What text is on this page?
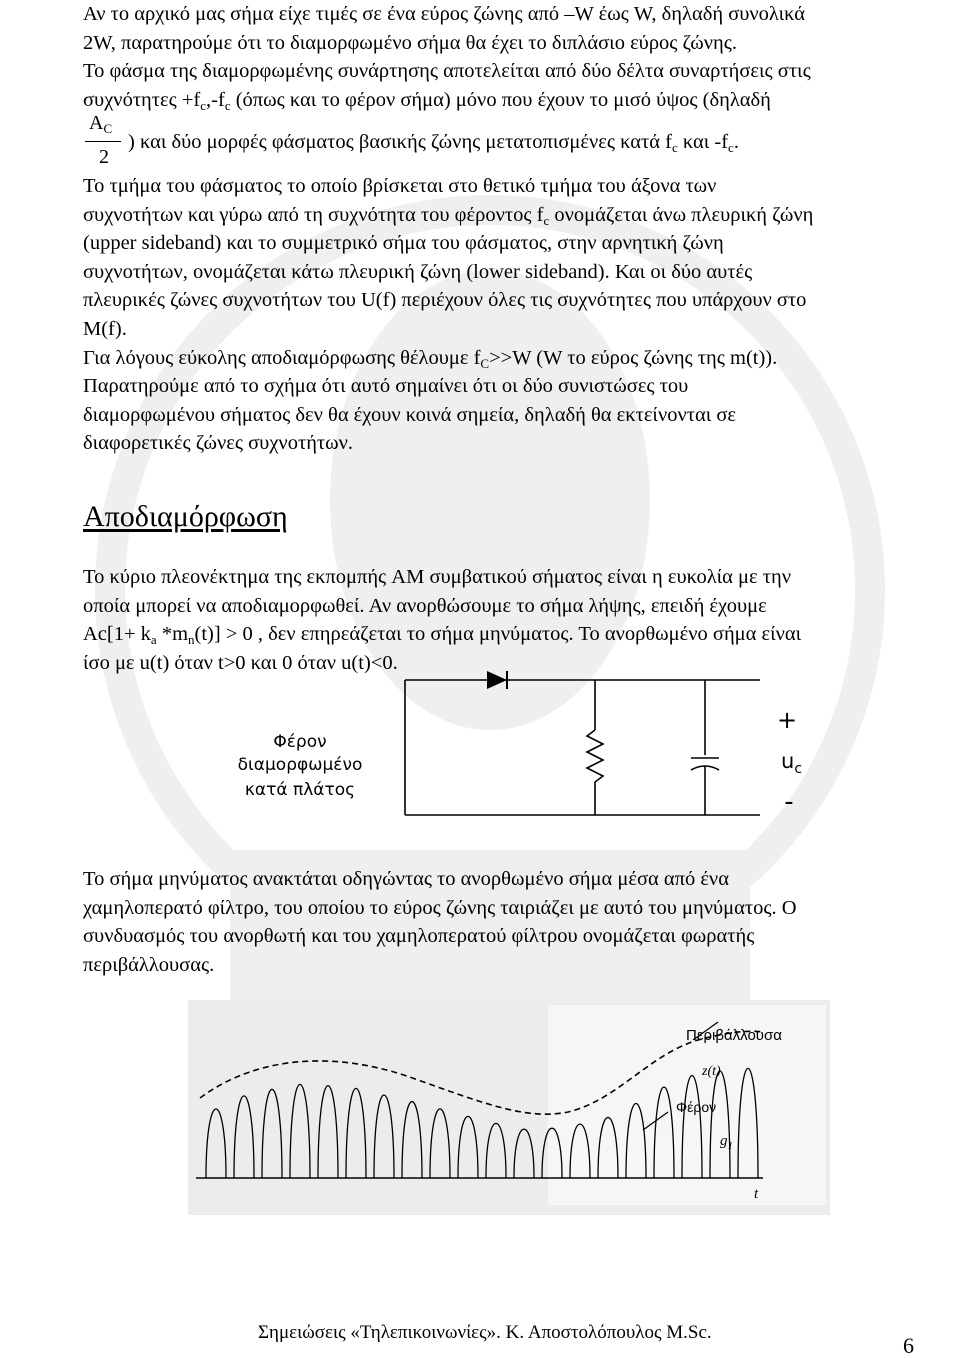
Αν το αρχικό μας σήμα είχε τιμές σε ένα εύρος ζώνης από –W έως W, δηλαδή συνολικά
2W, παρατηρούμε ότι το διαμορφωμένο σήμα θα έχει το διπλάσιο εύρος ζώνης.
Το φάσμα της διαμορφωμένης συνάρτησης αποτελείται από δύο δέλτα συναρτήσεις στις
$\sigma\upsilon\chi\nu ό\tau\eta\tau\varepsilon\varsigma +f_c,-f_c$ (όπως και το φέρον σήμα) μόνο που έχουν το μισό ύψος (δηλαδή
$A_C$
2
) και δύο μορφές φάσματος βασικής ζώνης μετατοπισμένες κατά $f_c$ και $-f_c$.
Το τμήμα του φάσματος το οποίο βρίσκεται στο θετικό τμήμα του άξονα των
συχνοτήτων και γύρω από τη συχνότητα του φέροντος $f_c$ ονομάζεται άνω πλευρική ζώνη
(upper sideband) και το συμμετρικό σήμα του φάσματος, στην αρνητική ζώνη
συχνοτήτων, ονομάζεται κάτω πλευρική ζώνη (lower sideband). Και οι δύο αυτές
πλευρικές ζώνες συχνοτήτων του U(f) περιέχουν όλες τις συχνότητες που υπάρχουν στο
M(f).
Για λόγους εύκολης αποδιαμόρφωσης θέλουμε $f_C>>W$ (W το εύρος ζώνης της m(t)).
Παρατηρούμε από το σχήμα ότι αυτό σημαίνει ότι οι δύο συνιστώσες του
διαμορφωμένου σήματος δεν θα έχουν κοινά σημεία, δηλαδή θα εκτείνονται σε
διαφορετικές ζώνες συχνοτήτων.
Αποδιαμόρφωση
Το κύριο πλεονέκτημα της εκπομπής AM συμβατικού σήματος είναι η ευκολία με την
οποία μπορεί να αποδιαμορφωθεί. Αν ανορθώσουμε το σήμα λήψης, επειδή έχουμε
$Ac[1+ k_a$ $*m_n(t)] > 0$ , δεν επηρεάζεται το σήμα μηνύματος. Το ανορθωμένο σήμα είναι
ίσο με u(t) όταν t>0 και 0 όταν u(t)<0.
Φέρον
διαμορφωμένο
κατά πλάτος
+
$u_c$
-
Το σήμα μηνύματος ανακτάται οδηγώντας το ανορθωμένο σήμα μέσα από ένα
χαμηλοπερατό φίλτρο, του οποίου το εύρος ζώνης ταιριάζει με αυτό του μηνύματος. Ο
συνδυασμός του ανορθωτή και του χαμηλοπερατού φίλτρου ονομάζεται φωρατής
περιβάλλουσας.
Περιβάλλουσα
z(t)
Φέρον
$g_1$
t
Σημειώσεις «Τηλεπικοινωνίες». Κ. Αποστολόπουλος M.Sc.
6
